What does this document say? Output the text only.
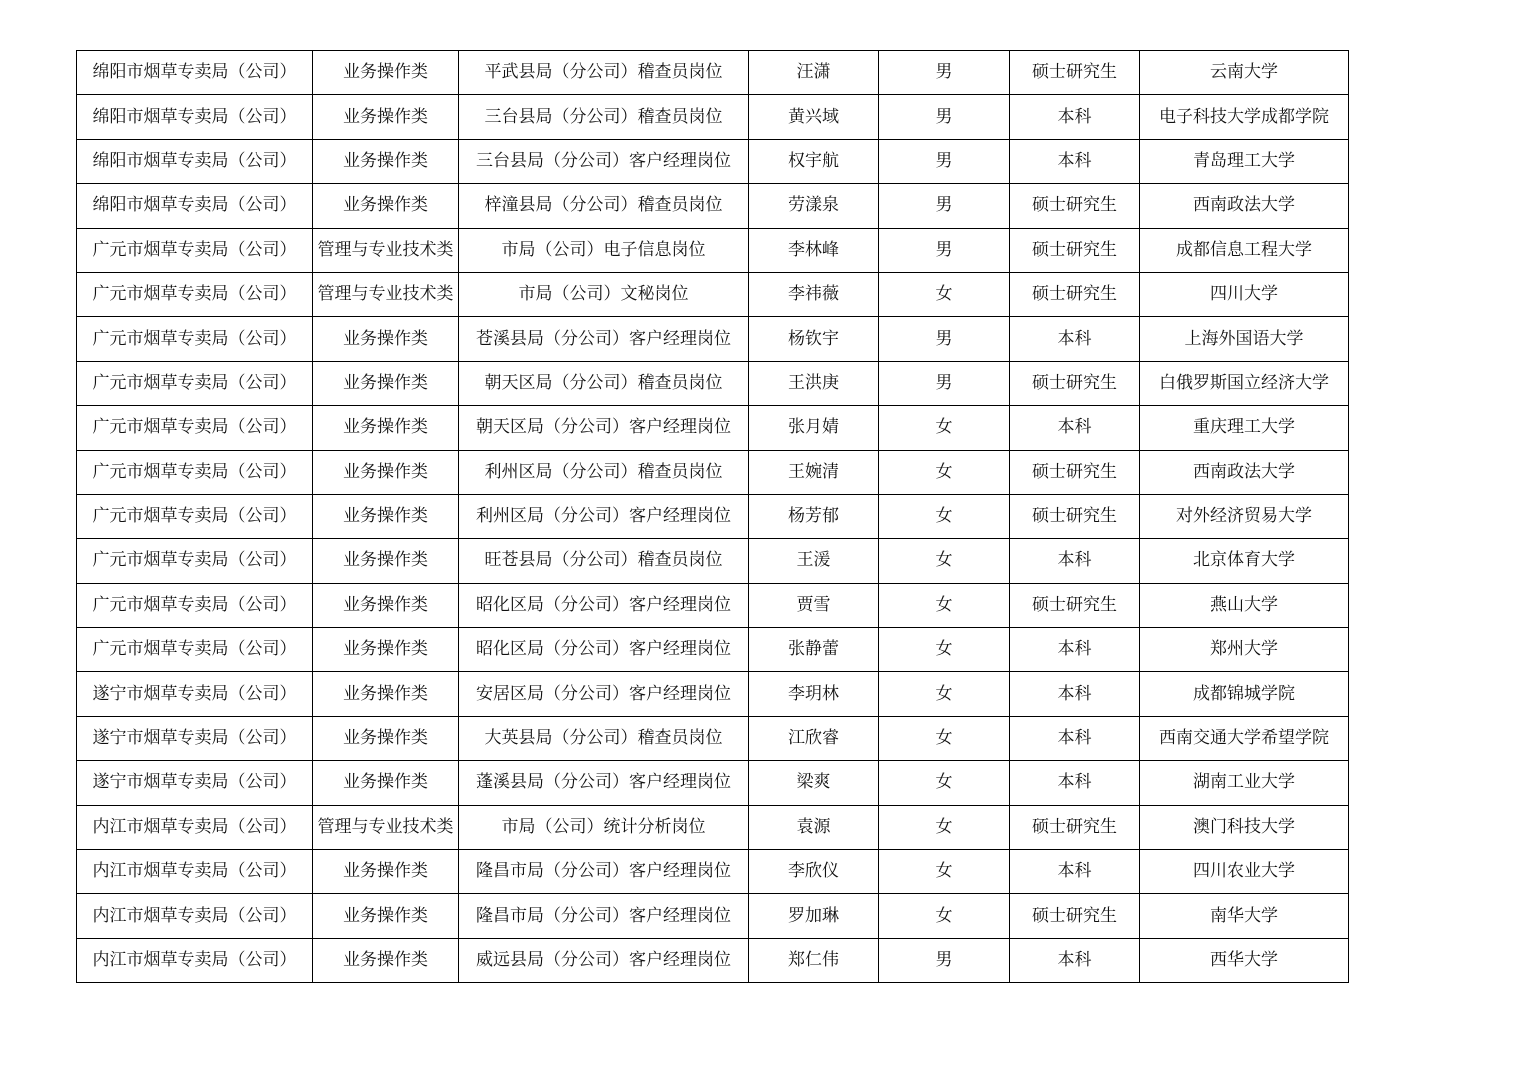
绵阳市烟草专卖局（公司）	业务操作类	平武县局（分公司）稽查员岗位	汪潇	男	硕士研究生	云南大学
绵阳市烟草专卖局（公司）	业务操作类	三台县局（分公司）稽查员岗位	黄兴域	男	本科	电子科技大学成都学院
绵阳市烟草专卖局（公司）	业务操作类	三台县局（分公司）客户经理岗位	权宇航	男	本科	青岛理工大学
绵阳市烟草专卖局（公司）	业务操作类	梓潼县局（分公司）稽查员岗位	劳漾泉	男	硕士研究生	西南政法大学
广元市烟草专卖局（公司）	管理与专业技术类	市局（公司）电子信息岗位	李林峰	男	硕士研究生	成都信息工程大学
广元市烟草专卖局（公司）	管理与专业技术类	市局（公司）文秘岗位	李祎薇	女	硕士研究生	四川大学
广元市烟草专卖局（公司）	业务操作类	苍溪县局（分公司）客户经理岗位	杨钦宇	男	本科	上海外国语大学
广元市烟草专卖局（公司）	业务操作类	朝天区局（分公司）稽查员岗位	王洪庚	男	硕士研究生	白俄罗斯国立经济大学
广元市烟草专卖局（公司）	业务操作类	朝天区局（分公司）客户经理岗位	张月婧	女	本科	重庆理工大学
广元市烟草专卖局（公司）	业务操作类	利州区局（分公司）稽查员岗位	王婉清	女	硕士研究生	西南政法大学
广元市烟草专卖局（公司）	业务操作类	利州区局（分公司）客户经理岗位	杨芳郁	女	硕士研究生	对外经济贸易大学
广元市烟草专卖局（公司）	业务操作类	旺苍县局（分公司）稽查员岗位	王湲	女	本科	北京体育大学
广元市烟草专卖局（公司）	业务操作类	昭化区局（分公司）客户经理岗位	贾雪	女	硕士研究生	燕山大学
广元市烟草专卖局（公司）	业务操作类	昭化区局（分公司）客户经理岗位	张静蕾	女	本科	郑州大学
遂宁市烟草专卖局（公司）	业务操作类	安居区局（分公司）客户经理岗位	李玥林	女	本科	成都锦城学院
遂宁市烟草专卖局（公司）	业务操作类	大英县局（分公司）稽查员岗位	江欣睿	女	本科	西南交通大学希望学院
遂宁市烟草专卖局（公司）	业务操作类	蓬溪县局（分公司）客户经理岗位	梁爽	女	本科	湖南工业大学
内江市烟草专卖局（公司）	管理与专业技术类	市局（公司）统计分析岗位	袁源	女	硕士研究生	澳门科技大学
内江市烟草专卖局（公司）	业务操作类	隆昌市局（分公司）客户经理岗位	李欣仪	女	本科	四川农业大学
内江市烟草专卖局（公司）	业务操作类	隆昌市局（分公司）客户经理岗位	罗加琳	女	硕士研究生	南华大学
内江市烟草专卖局（公司）	业务操作类	威远县局（分公司）客户经理岗位	郑仁伟	男	本科	西华大学
